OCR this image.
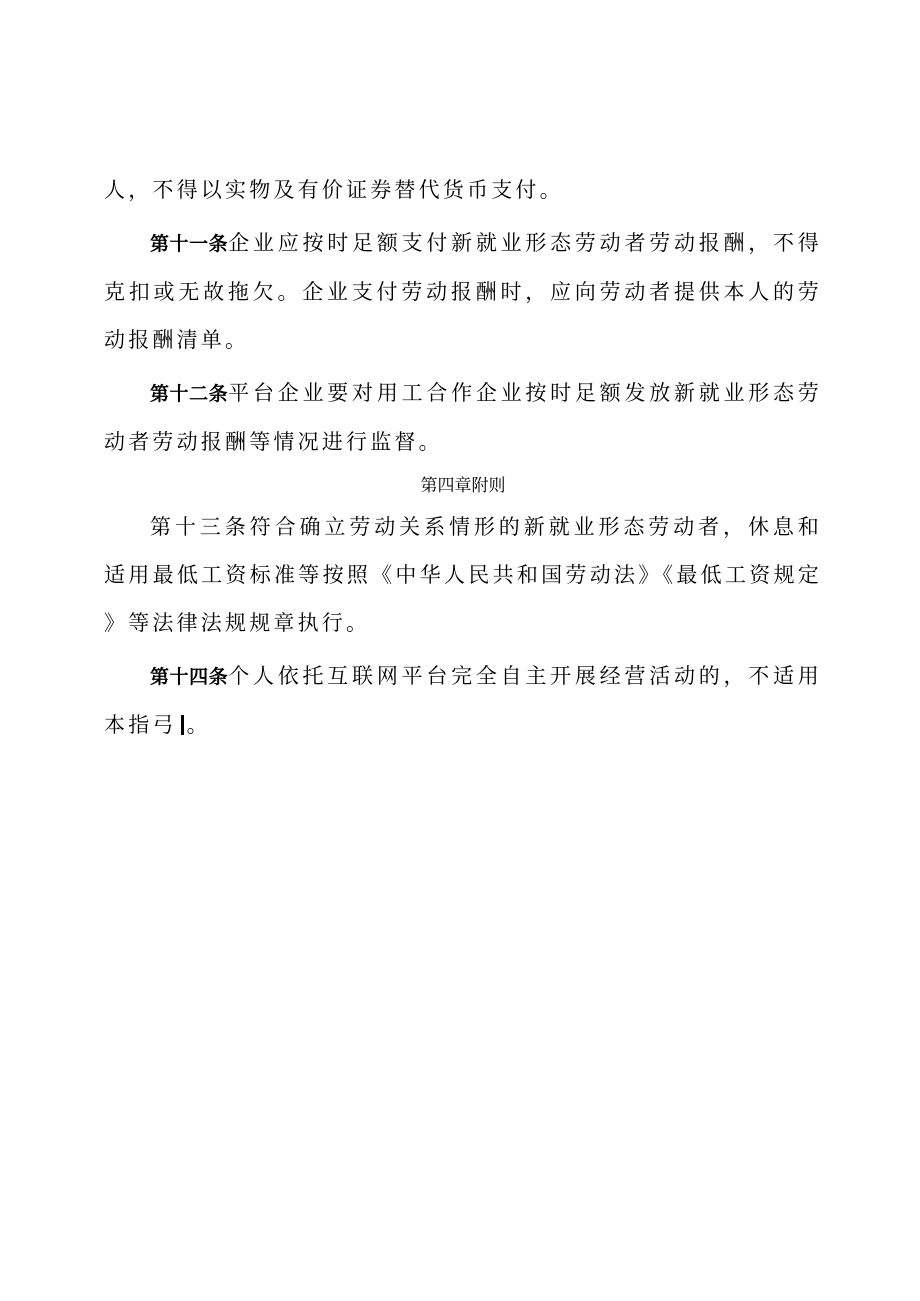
人，不得以实物及有价证券替代货币支付。

第十一条企业应按时足额支付新就业形态劳动者劳动报酬，不得克扣或无故拖欠。企业支付劳动报酬时，应向劳动者提供本人的劳动报酬清单。

第十二条平台企业要对用工合作企业按时足额发放新就业形态劳动者劳动报酬等情况进行监督。

第四章附则

第十三条符合确立劳动关系情形的新就业形态劳动者，休息和适用最低工资标准等按照《中华人民共和国劳动法》《最低工资规定》等法律法规规章执行。

第十四条个人依托互联网平台完全自主开展经营活动的，不适用本指弓 。
